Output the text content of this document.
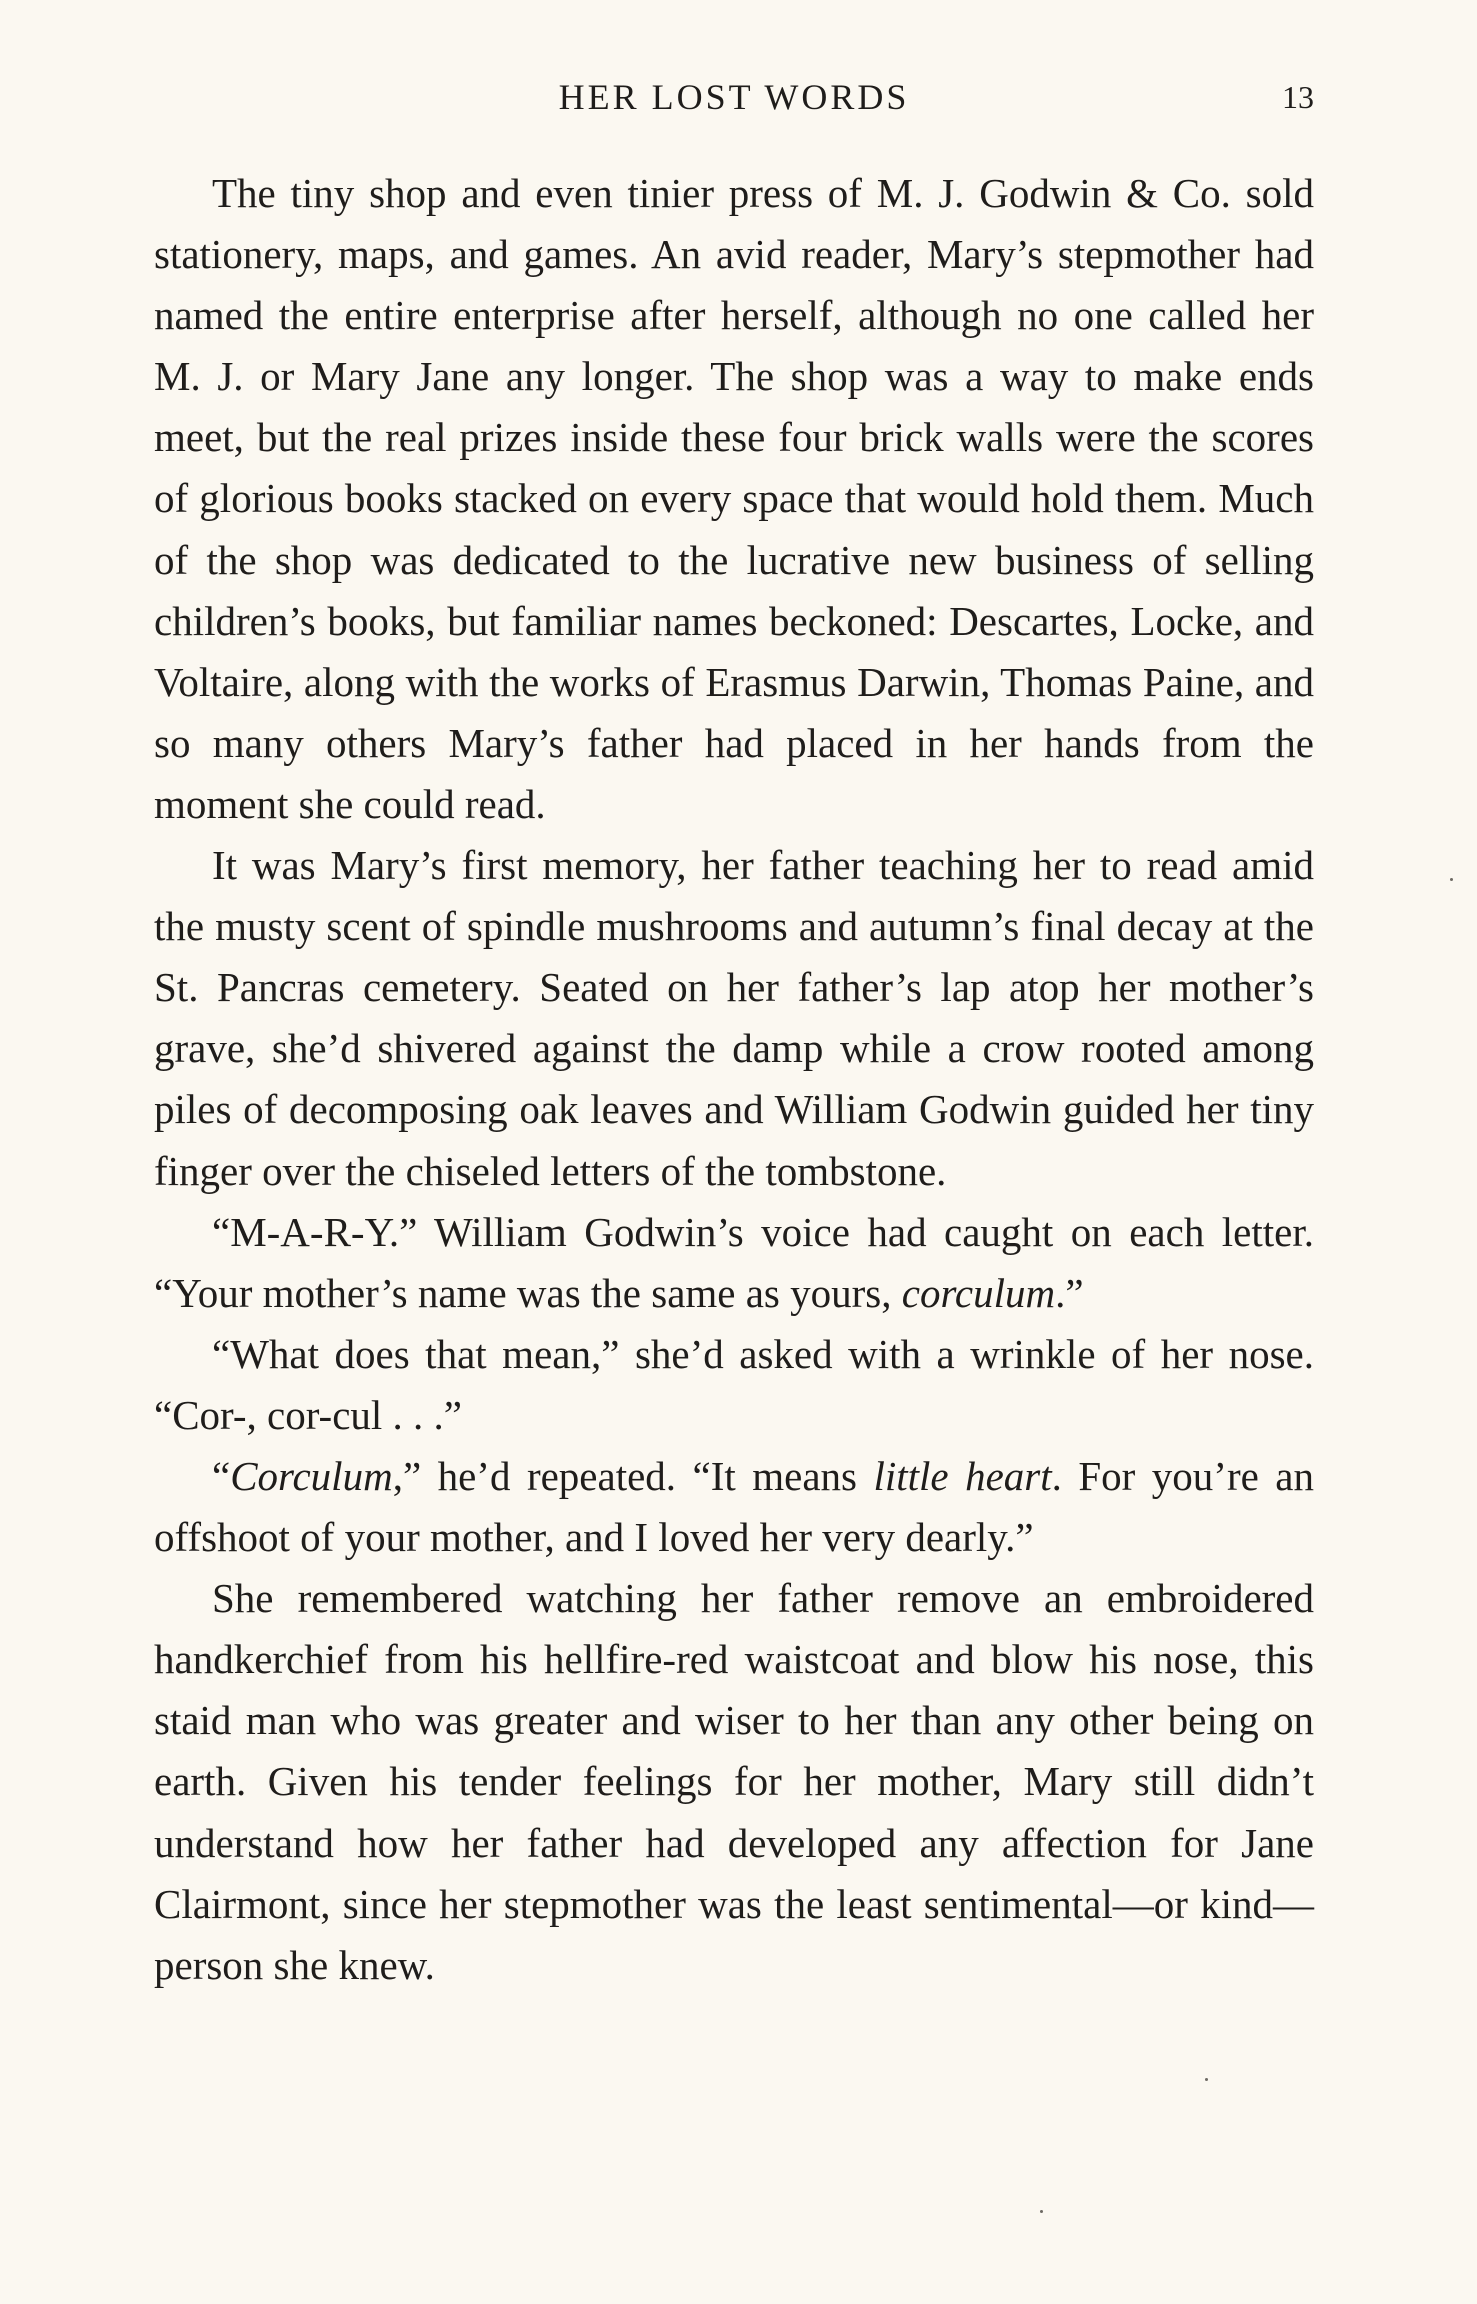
HER LOST WORDS	13

The tiny shop and even tinier press of M. J. Godwin & Co. sold stationery, maps, and games. An avid reader, Mary’s stepmother had named the entire enterprise after herself, although no one called her M. J. or Mary Jane any longer. The shop was a way to make ends meet, but the real prizes inside these four brick walls were the scores of glorious books stacked on every space that would hold them. Much of the shop was dedicated to the lucrative new business of selling children’s books, but familiar names beckoned: Descartes, Locke, and Voltaire, along with the works of Erasmus Darwin, Thomas Paine, and so many others Mary’s father had placed in her hands from the moment she could read.

It was Mary’s first memory, her father teaching her to read amid the musty scent of spindle mushrooms and autumn’s final decay at the St. Pancras cemetery. Seated on her father’s lap atop her mother’s grave, she’d shivered against the damp while a crow rooted among piles of decomposing oak leaves and William Godwin guided her tiny finger over the chiseled letters of the tombstone.

“M-A-R-Y.” William Godwin’s voice had caught on each letter. “Your mother’s name was the same as yours, corculum.”

“What does that mean,” she’d asked with a wrinkle of her nose. “Cor-, cor-cul . . .”

“Corculum,” he’d repeated. “It means little heart. For you’re an offshoot of your mother, and I loved her very dearly.”

She remembered watching her father remove an embroidered handkerchief from his hellfire-red waistcoat and blow his nose, this staid man who was greater and wiser to her than any other being on earth. Given his tender feelings for her mother, Mary still didn’t understand how her father had developed any affection for Jane Clairmont, since her stepmother was the least sentimental—or kind—person she knew.
